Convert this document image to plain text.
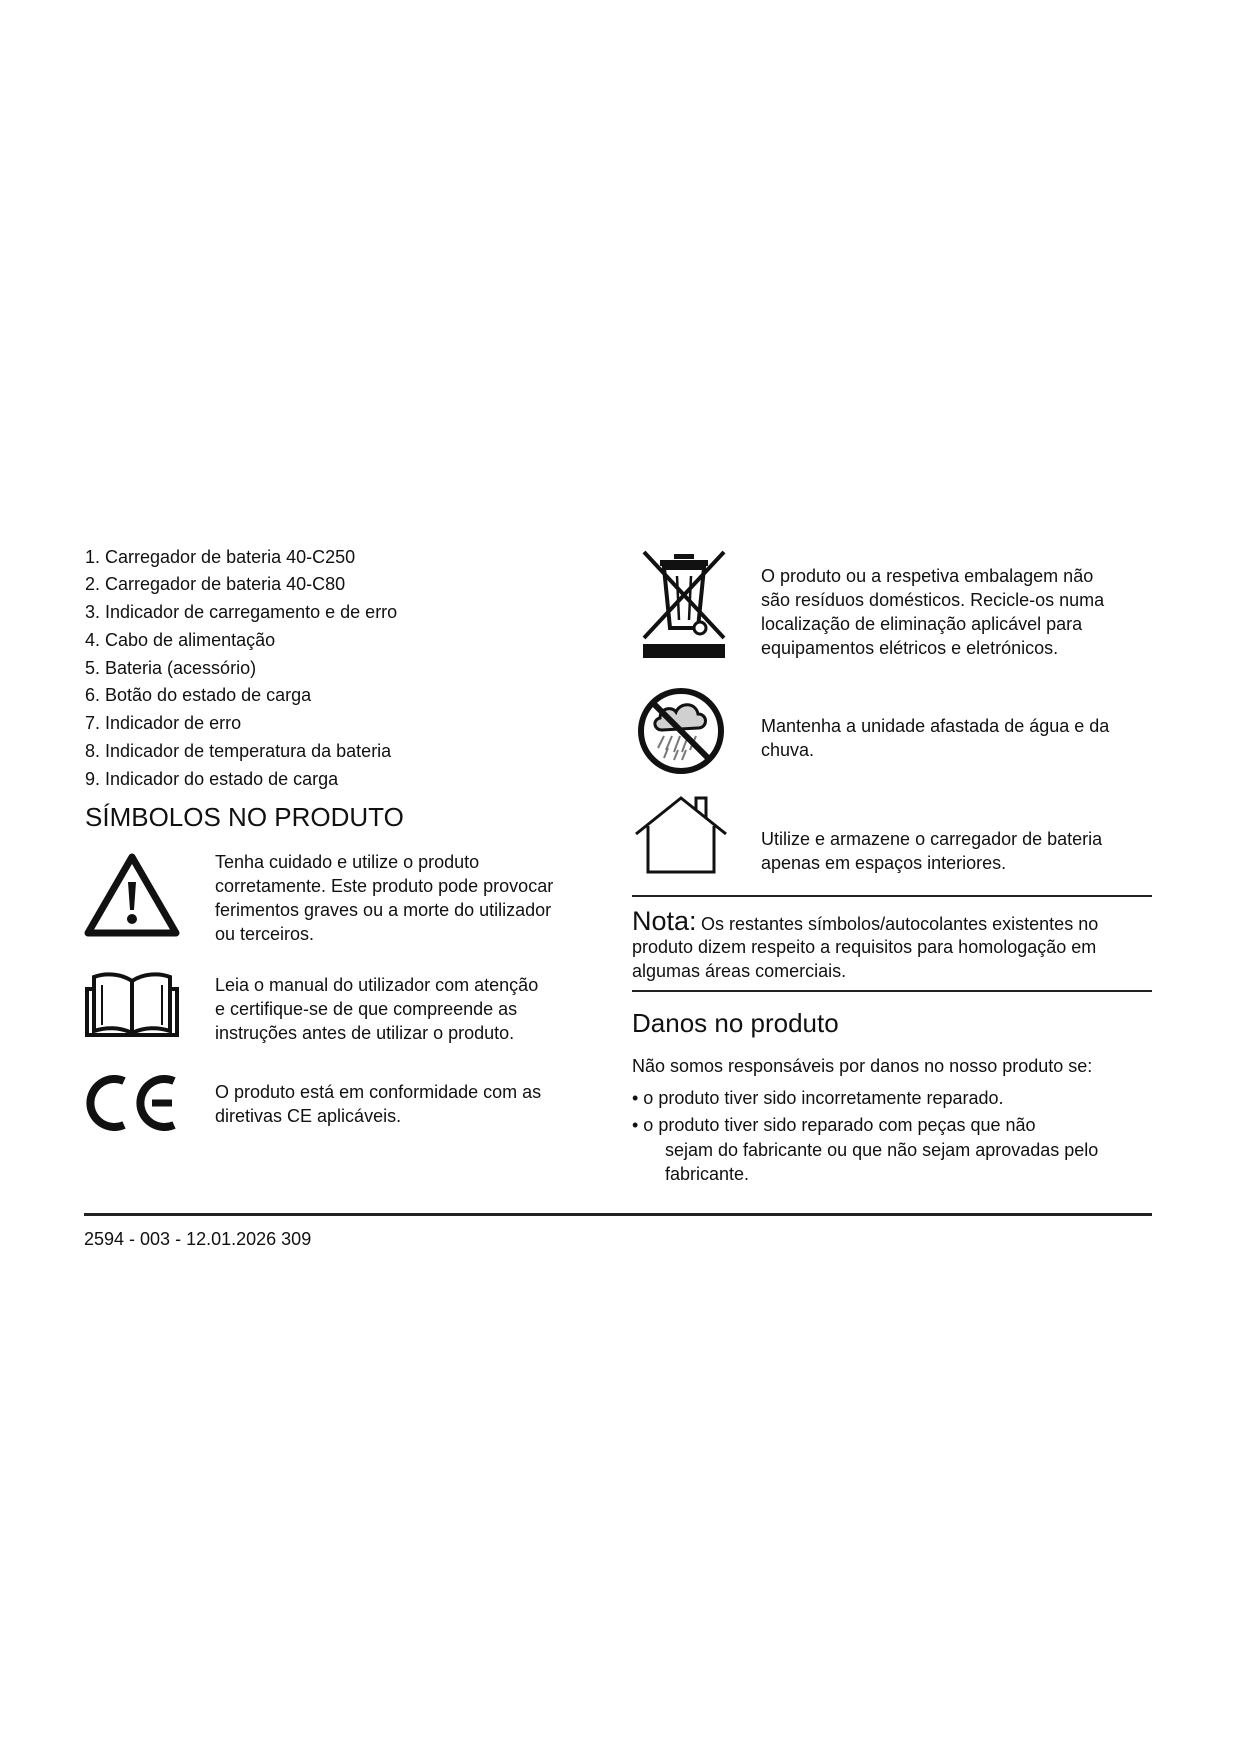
1. Carregador de bateria 40-C250
2. Carregador de bateria 40-C80
3. Indicador de carregamento e de erro
4. Cabo de alimentação
5. Bateria (acessório)
6. Botão do estado de carga
7. Indicador de erro
8. Indicador de temperatura da bateria
9. Indicador do estado de carga
SÍMBOLOS NO PRODUTO
Tenha cuidado e utilize o produto
corretamente. Este produto pode provocar
ferimentos graves ou a morte do utilizador
ou terceiros.
Leia o manual do utilizador com atenção
e certifique-se de que compreende as
instruções antes de utilizar o produto.
O produto está em conformidade com as
diretivas CE aplicáveis.
O produto ou a respetiva embalagem não
são resíduos domésticos. Recicle-os numa
localização de eliminação aplicável para
equipamentos elétricos e eletrónicos.
Mantenha a unidade afastada de água e da
chuva.
Utilize e armazene o carregador de bateria
apenas em espaços interiores.
Nota: Os restantes símbolos/autocolantes existentes no
produto dizem respeito a requisitos para homologação em
algumas áreas comerciais.
Danos no produto
Não somos responsáveis por danos no nosso produto se:
• o produto tiver sido incorretamente reparado.
• o produto tiver sido reparado com peças que não
sejam do fabricante ou que não sejam aprovadas pelo
fabricante.
2594 - 003 - 12.01.2026 309
